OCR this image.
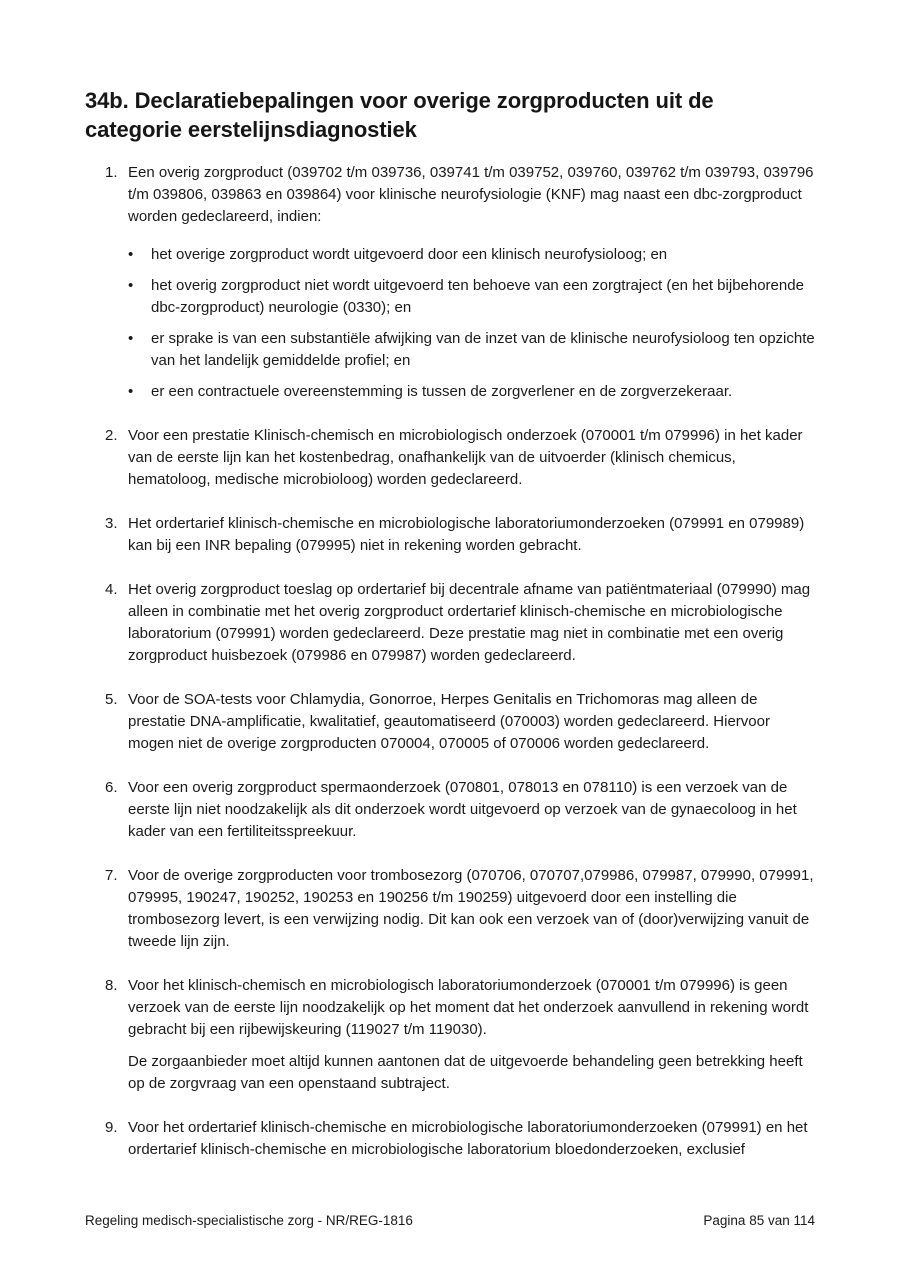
34b. Declaratiebepalingen voor overige zorgproducten uit de categorie eerstelijnsdiagnostiek
1. Een overig zorgproduct (039702 t/m 039736, 039741 t/m 039752, 039760, 039762 t/m 039793, 039796 t/m 039806, 039863 en 039864) voor klinische neurofysiologie (KNF) mag naast een dbc-zorgproduct worden gedeclareerd, indien:

•	het overige zorgproduct wordt uitgevoerd door een klinisch neurofysioloog; en

•	het overig zorgproduct niet wordt uitgevoerd ten behoeve van een zorgtraject (en het bijbehorende dbc-zorgproduct) neurologie (0330); en

•	er sprake is van een substantiële afwijking van de inzet van de klinische neurofysioloog ten opzichte van het landelijk gemiddelde profiel; en

•	er een contractuele overeenstemming is tussen de zorgverlener en de zorgverzekeraar.

2. Voor een prestatie Klinisch-chemisch en microbiologisch onderzoek (070001 t/m 079996) in het kader van de eerste lijn kan het kostenbedrag, onafhankelijk van de uitvoerder (klinisch chemicus, hematoloog, medische microbioloog) worden gedeclareerd.

3. Het ordertarief klinisch-chemische en microbiologische laboratoriumonderzoeken (079991 en 079989) kan bij een INR bepaling (079995) niet in rekening worden gebracht.

4. Het overig zorgproduct toeslag op ordertarief bij decentrale afname van patiëntmateriaal (079990) mag alleen in combinatie met het overig zorgproduct ordertarief klinisch-chemische en microbiologische laboratorium (079991) worden gedeclareerd. Deze prestatie mag niet in combinatie met een overig zorgproduct huisbezoek (079986 en 079987) worden gedeclareerd.

5. Voor de SOA-tests voor Chlamydia, Gonorroe, Herpes Genitalis en Trichomoras mag alleen de prestatie DNA-amplificatie, kwalitatief, geautomatiseerd (070003) worden gedeclareerd. Hiervoor mogen niet de overige zorgproducten 070004, 070005 of 070006 worden gedeclareerd.

6. Voor een overig zorgproduct spermaonderzoek (070801, 078013 en 078110) is een verzoek van de eerste lijn niet noodzakelijk als dit onderzoek wordt uitgevoerd op verzoek van de gynaecoloog in het kader van een fertiliteitsspreekuur.

7. Voor de overige zorgproducten voor trombosezorg (070706, 070707,079986, 079987, 079990, 079991, 079995, 190247, 190252, 190253 en 190256 t/m 190259) uitgevoerd door een instelling die trombosezorg levert, is een verwijzing nodig. Dit kan ook een verzoek van of (door)verwijzing vanuit de tweede lijn zijn.

8. Voor het klinisch-chemisch en microbiologisch laboratoriumonderzoek (070001 t/m 079996) is geen verzoek van de eerste lijn noodzakelijk op het moment dat het onderzoek aanvullend in rekening wordt gebracht bij een rijbewijskeuring (119027 t/m 119030).

De zorgaanbieder moet altijd kunnen aantonen dat de uitgevoerde behandeling geen betrekking heeft op de zorgvraag van een openstaand subtraject.

9. Voor het ordertarief klinisch-chemische en microbiologische laboratoriumonderzoeken (079991) en het ordertarief klinisch-chemische en microbiologische laboratorium bloedonderzoeken, exclusief

Regeling medisch-specialistische zorg - NR/REG-1816	Pagina 85 van 114
